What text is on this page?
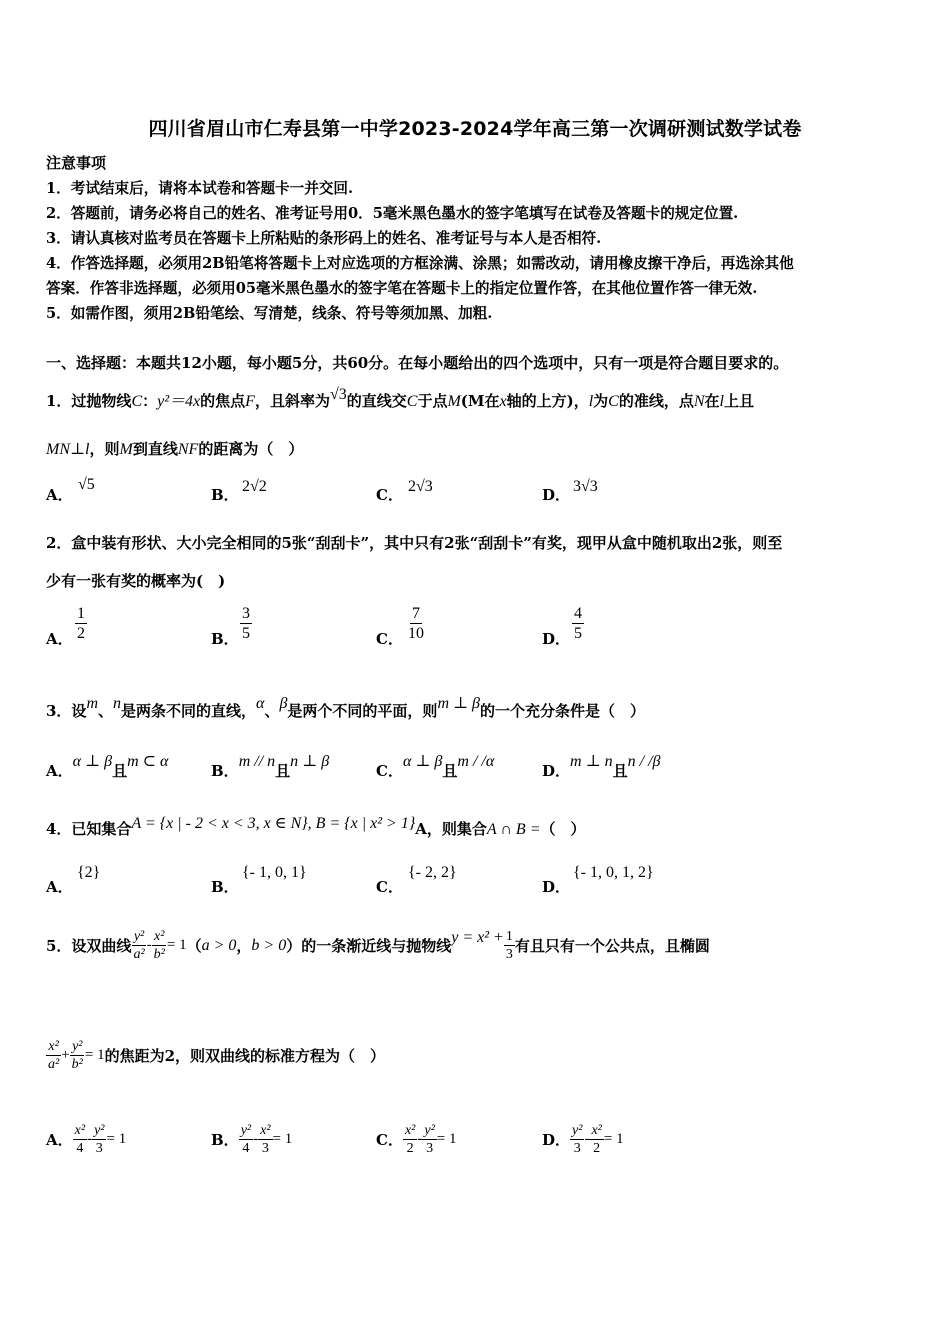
四川省眉山市仁寿县第一中学2023-2024学年高三第一次调研测试数学试卷
注意事项
1．考试结束后，请将本试卷和答题卡一并交回.
2．答题前，请务必将自己的姓名、准考证号用0．5毫米黑色墨水的签字笔填写在试卷及答题卡的规定位置.
3．请认真核对监考员在答题卡上所粘贴的条形码上的姓名、准考证号与本人是否相符.
4．作答选择题，必须用2B铅笔将答题卡上对应选项的方框涂满、涂黑；如需改动，请用橡皮擦干净后，再选涂其他
答案．作答非选择题，必须用05毫米黑色墨水的签字笔在答题卡上的指定位置作答，在其他位置作答一律无效.
5．如需作图，须用2B铅笔绘、写清楚，线条、符号等须加黑、加粗.
一、选择题：本题共12小题，每小题5分，共60分。在每小题给出的四个选项中，只有一项是符合题目要求的。
1．过抛物线C：y²＝4x的焦点F，且斜率为√3的直线交C于点M(M在x轴的上方)，l为C的准线，点N在l上且
MN⊥l，则M到直线NF的距离为（　）
A．
√5
B． 2√2	C． 2√3	D． 3√3
2．盒中装有形状、大小完全相同的5张“刮刮卡”，其中只有2张“刮刮卡”有奖，现甲从盒中随机取出2张，则至
少有一张有奖的概率为(　)
A． $\frac{1}{2}$	B． $\frac{3}{5}$	C． $\frac{7}{10}$	D． $\frac{4}{5}$
3．设m、n是两条不同的直线，α、β是两个不同的平面，则m ⊥ β的一个充分条件是（　）
A．α ⊥ β且m ⊂ α
B．m // n且n ⊥ β
C．α ⊥ β且m / /α
D．m ⊥ n且n / /β
4．已知集合A = {x | - 2 < x < 3, x ∈ N}, B = {x | x² > 1}A，则集合A ∩ B =（　）
A．
{2}
B．
{- 1, 0, 1}
C．
{- 2, 2}
D．
{- 1, 0, 1, 2}
5．设双曲线 $\frac{\text{y²}}{\text{a²}} - \frac{\text{x²}}{\text{b²}} = 1$ （ a > 0 ， b > 0 ）的一条渐近线与抛物线 $y = x^2 + \frac{1}{3}$ 有且只有一个公共点，且椭圆
$\frac{\text{x²}}{\text{a²}} + \frac{\text{y²}}{\text{b²}} = 1$ 的焦距为2，则双曲线的标准方程为（　）
A． $\frac{\text{x²}}{4} - \frac{\text{y²}}{3} = 1$	B． $\frac{\text{y²}}{4} - \frac{\text{x²}}{3} = 1$	C． $\frac{\text{x²}}{2} - \frac{\text{y²}}{3} = 1$	D． $\frac{\text{y²}}{3} - \frac{\text{x²}}{2} = 1$
